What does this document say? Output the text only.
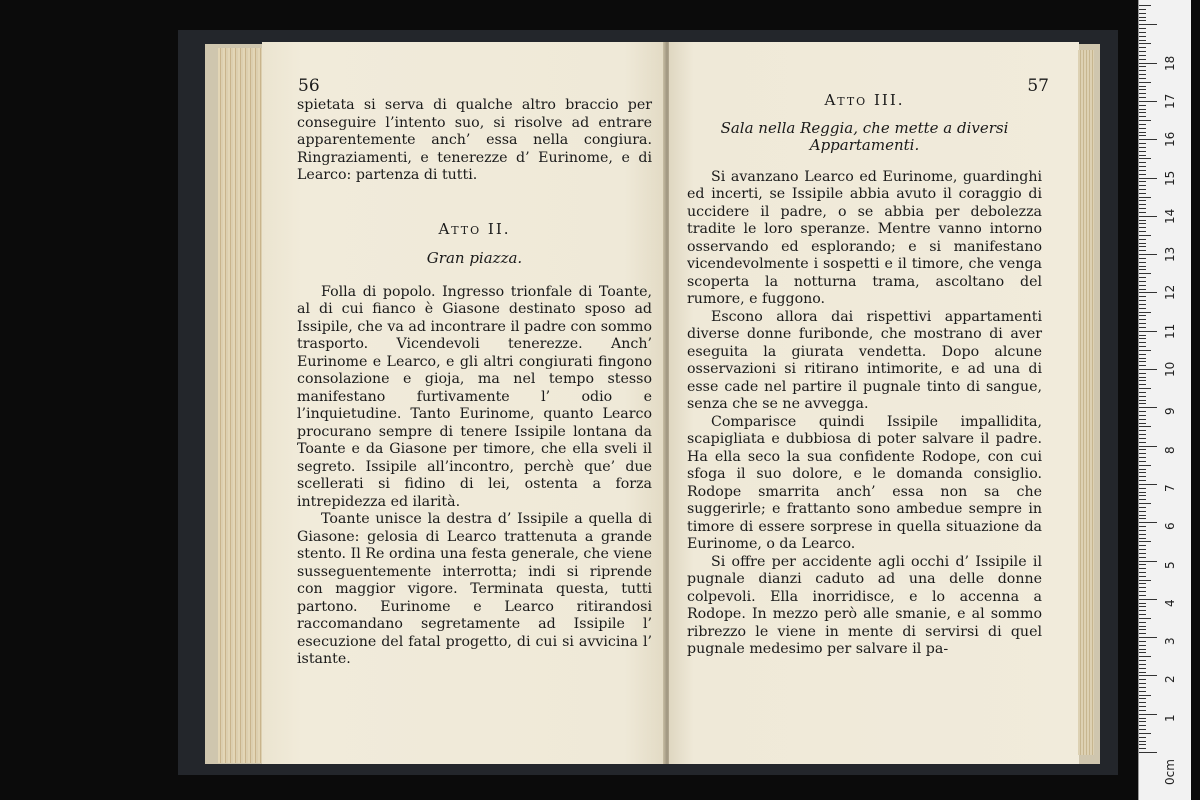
56

spietata si serva di qualche altro braccio per conseguire l’intento suo, si risolve ad entrare apparentemente anch’ essa nella congiura. Ringraziamenti, e tenerezze d’ Eurinome, e di Learco: partenza di tutti.

Atto II.
Gran piazza.

Folla di popolo. Ingresso trionfale di Toante, al di cui fianco è Giasone destinato sposo ad Issipile, che va ad incontrare il padre con sommo trasporto. Vicendevoli tenerezze. Anch’ Eurinome e Learco, e gli altri congiurati fingono consolazione e gioja, ma nel tempo stesso manifestano furtivamente l’ odio e l’inquietudine. Tanto Eurinome, quanto Learco procurano sempre di tenere Issipile lontana da Toante e da Giasone per timore, che ella sveli il segreto. Issipile all’incontro, perchè que’ due scellerati si fidino di lei, ostenta a forza intrepidezza ed ilarità.

Toante unisce la destra d’ Issipile a quella di Giasone: gelosia di Learco trattenuta a grande stento. Il Re ordina una festa generale, che viene susseguentemente interrotta; indi si riprende con maggior vigore. Terminata questa, tutti partono. Eurinome e Learco ritirandosi raccomandano segretamente ad Issipile l’ esecuzione del fatal progetto, di cui si avvicina l’ istante.

57
Atto III.
Sala nella Reggia, che mette a diversi Appartamenti.

Si avanzano Learco ed Eurinome, guardinghi ed incerti, se Issipile abbia avuto il coraggio di uccidere il padre, o se abbia per debolezza tradite le loro speranze. Mentre vanno intorno osservando ed esplorando; e si manifestano vicendevolmente i sospetti e il timore, che venga scoperta la notturna trama, ascoltano del rumore, e fuggono.

Escono allora dai rispettivi appartamenti diverse donne furibonde, che mostrano di aver eseguita la giurata vendetta. Dopo alcune osservazioni si ritirano intimorite, e ad una di esse cade nel partire il pugnale tinto di sangue, senza che se ne avvegga.

Comparisce quindi Issipile impallidita, scapigliata e dubbiosa di poter salvare il padre. Ha ella seco la sua confidente Rodope, con cui sfoga il suo dolore, e le domanda consiglio. Rodope smarrita anch’ essa non sa che suggerirle; e frattanto sono ambedue sempre in timore di essere sorprese in quella situazione da Eurinome, o da Learco.

Si offre per accidente agli occhi d’ Issipile il pugnale dianzi caduto ad una delle donne colpevoli. Ella inorridisce, e lo accenna a Rodope. In mezzo però alle smanie, e al sommo ribrezzo le viene in mente di servirsi di quel pugnale medesimo per salvare il pa-

0cm
1
2
3
4
5
6
7
8
9
10
11
12
13
14
15
16
17
18
